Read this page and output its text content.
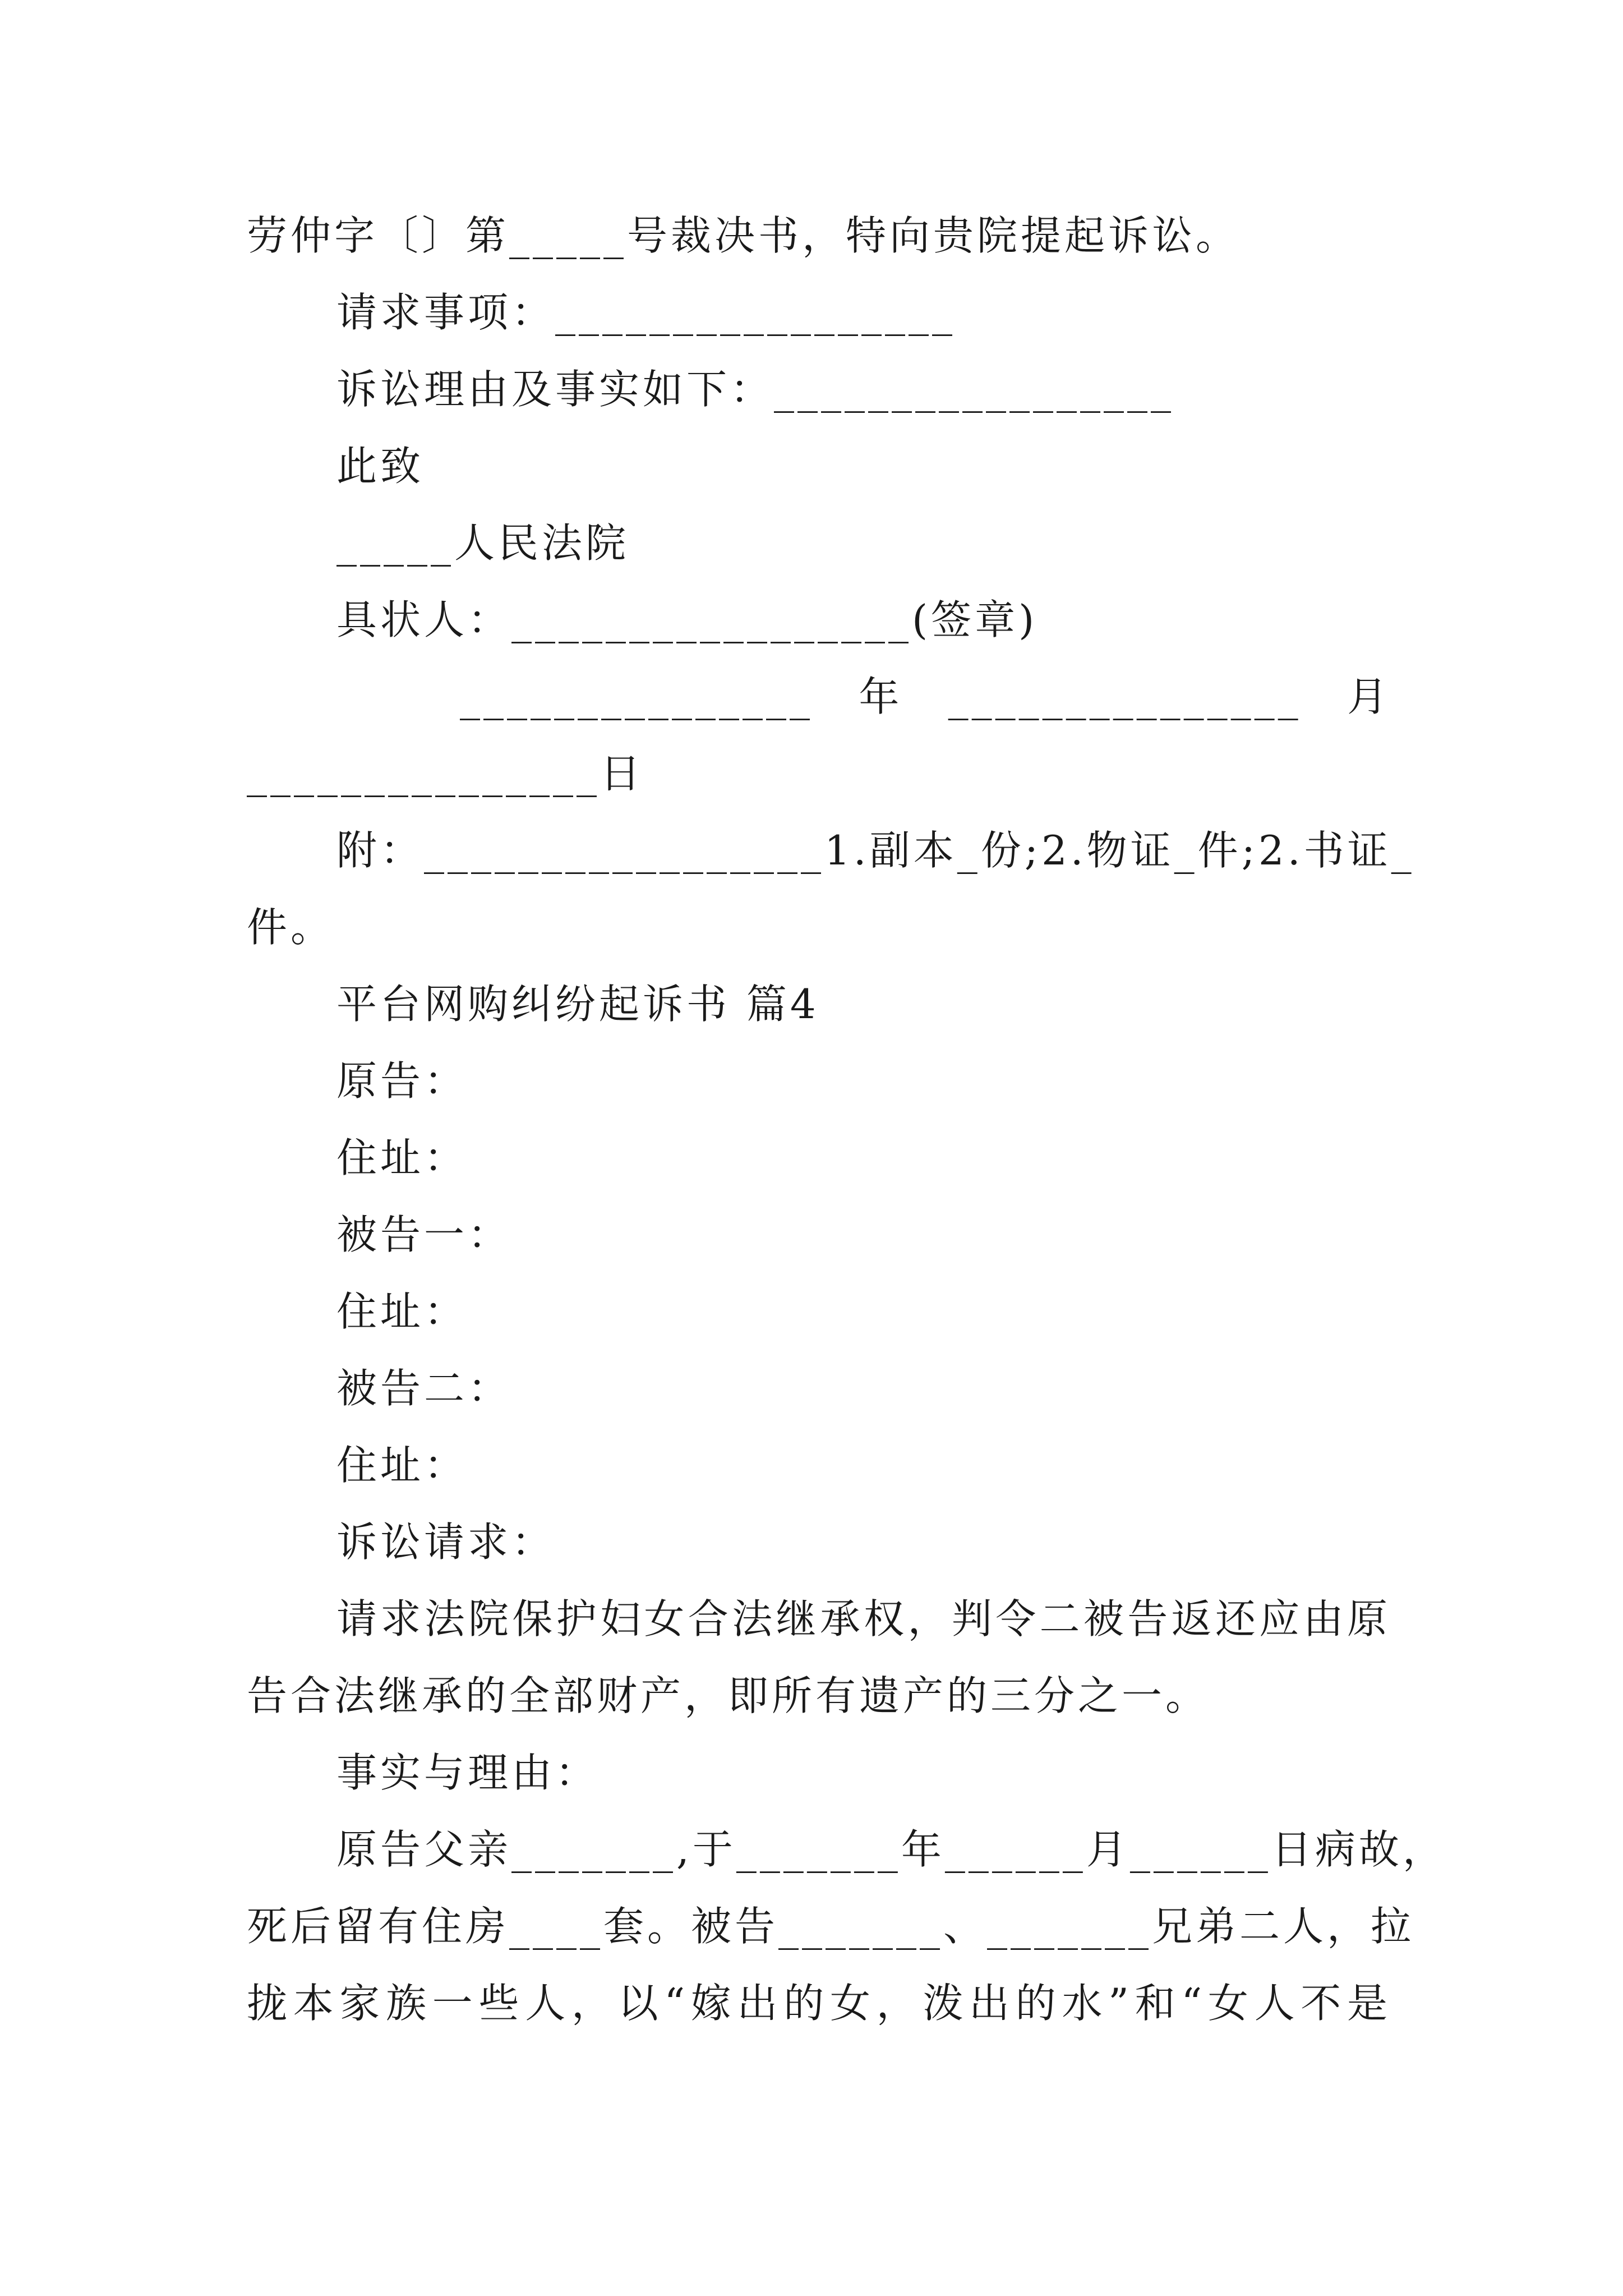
劳仲字〔〕第_____号裁决书，特向贵院提起诉讼。
请求事项：_________________
诉讼理由及事实如下：_________________
此致
_____人民法院
具状人：_________________(签章)
_______________ 年 _______________ 月
_______________日
附：_________________1.副本_份;2.物证_件;2.书证_
件。
平台网购纠纷起诉书 篇4
原告：
住址：
被告一：
住址：
被告二：
住址：
诉讼请求：
请求法院保护妇女合法继承权，判令二被告返还应由原
告合法继承的全部财产，即所有遗产的三分之一。
事实与理由：
原告父亲_______,于_______年______月______日病故，
死后留有住房____套。被告_______、_______兄弟二人，拉
拢本家族一些人，以“嫁出的女，泼出的水”和“女人不是
